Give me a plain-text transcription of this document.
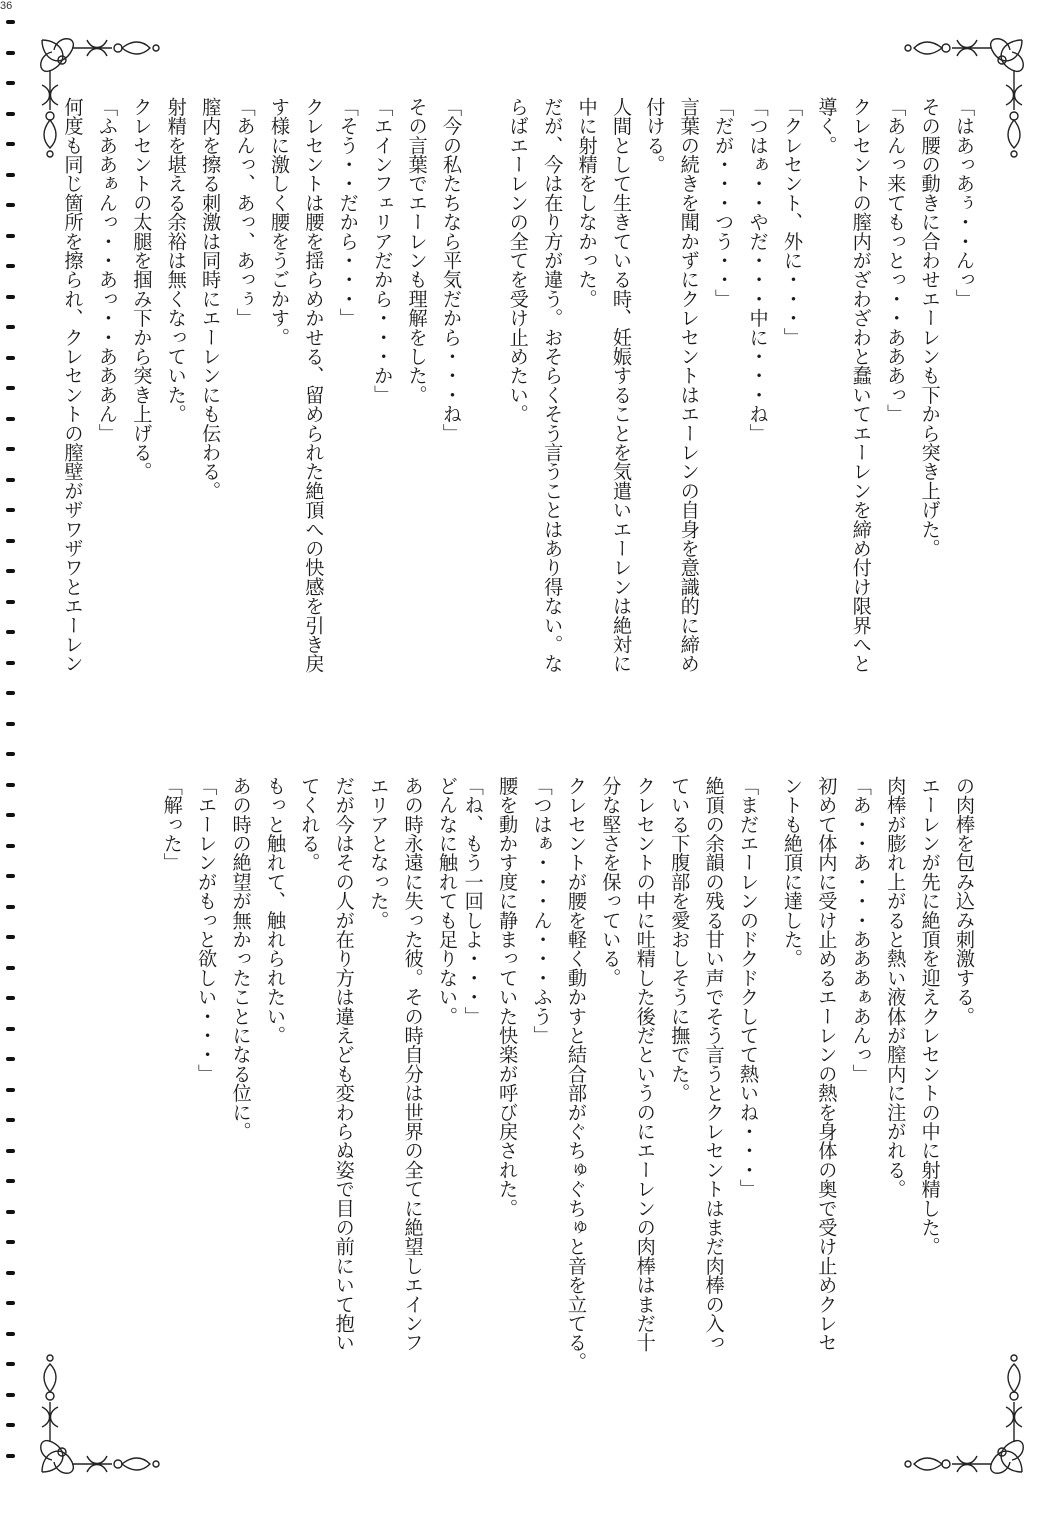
36

「はあっあぅ・・んっ」

その腰の動きに合わせエーレンも下から突き上げた。

「あんっ来てもっとっ・・あああっ」

クレセントの膣内がざわざわと蠢いてエーレンを締め付け限界へと

導く。

「クレセント、外に・・・」

「つはぁ・・やだ・・・中に・・・ね」

「だが・・・つう・・」

言葉の続きを聞かずにクレセントはエーレンの自身を意識的に締め

付ける。

人間として生きている時、妊娠することを気遣いエーレンは絶対に

中に射精をしなかった。

だが、今は在り方が違う。おそらくそう言うことはあり得ない。な

らばエーレンの全てを受け止めたい。

「今の私たちなら平気だから・・・ね」

その言葉でエーレンも理解をした。

「エインフェリアだから・・・か」

「そう・・だから・・・」

クレセントは腰を揺らめかせる、留められた絶頂への快感を引き戻

す様に激しく腰をうごかす。

「あんっ、あっ、あっぅ」

膣内を擦る刺激は同時にエーレンにも伝わる。

射精を堪える余裕は無くなっていた。

クレセントの太腿を掴み下から突き上げる。

「ふああぁんっ・・あっ・・あああん」

何度も同じ箇所を擦られ、クレセントの膣壁がザワザワとエーレン

の肉棒を包み込み刺激する。

エーレンが先に絶頂を迎えクレセントの中に射精した。

肉棒が膨れ上がると熱い液体が膣内に注がれる。

「あ・・あ・・・あああぁあんっ」

初めて体内に受け止めるエーレンの熱を身体の奥で受け止めクレセ

ントも絶頂に達した。

「まだエーレンのドクドクしてて熱いね・・・」

絶頂の余韻の残る甘い声でそう言うとクレセントはまだ肉棒の入っ

ている下腹部を愛おしそうに撫でた。

クレセントの中に吐精した後だというのにエーレンの肉棒はまだ十

分な堅さを保っている。

クレセントが腰を軽く動かすと結合部がぐちゅぐちゅと音を立てる。

「つはぁ・・・ん・・・ふう」

腰を動かす度に静まっていた快楽が呼び戻された。

「ね、もう一回しよ・・・」

どんなに触れても足りない。

あの時永遠に失った彼。その時自分は世界の全てに絶望しエインフ

エリアとなった。

だが今はその人が在り方は違えども変わらぬ姿で目の前にいて抱い

てくれる。

もっと触れて、触れられたい。

あの時の絶望が無かったことになる位に。

「エーレンがもっと欲しい・・・」

「解った」
